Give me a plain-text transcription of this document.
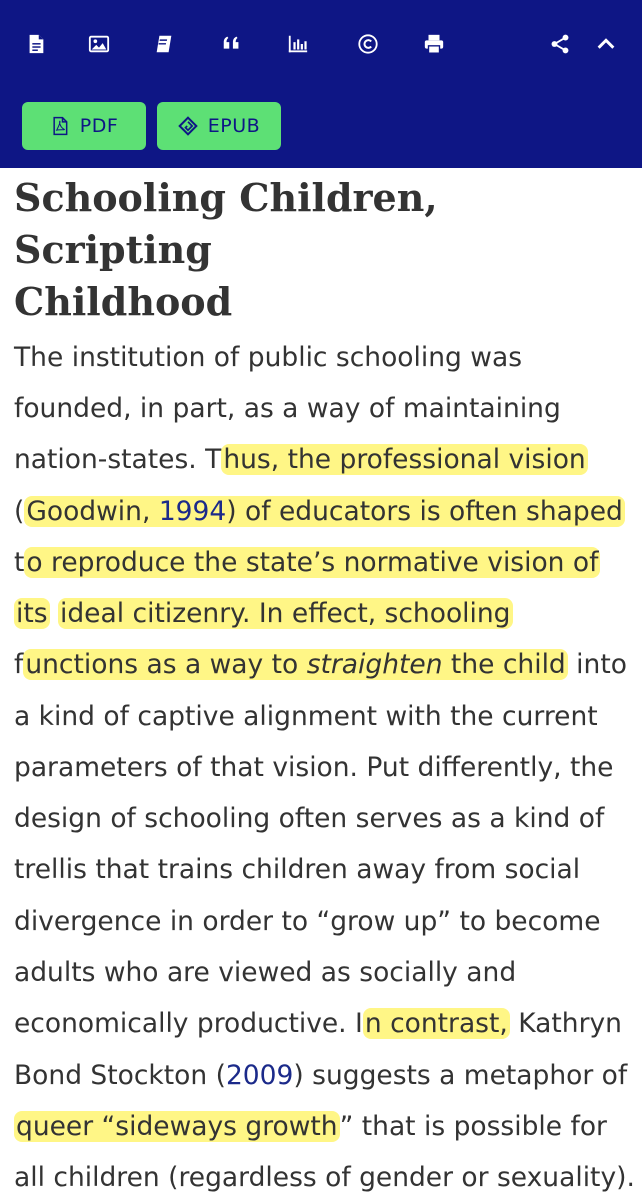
PDF	EPUB
Schooling Children, Scripting
Childhood
The institution of public schooling was
founded, in part, as a way of maintaining
nation-states. Thus, the professional vision
(Goodwin, 1994) of educators is often shaped
to reproduce the state’s normative vision of
its ideal citizenry. In effect, schooling
functions as a way to straighten the child into
a kind of captive alignment with the current
parameters of that vision. Put differently, the
design of schooling often serves as a kind of
trellis that trains children away from social
divergence in order to “grow up” to become
adults who are viewed as socially and
economically productive. In contrast, Kathryn
Bond Stockton (2009) suggests a metaphor of
queer “sideways growth” that is possible for
all children (regardless of gender or sexuality).
